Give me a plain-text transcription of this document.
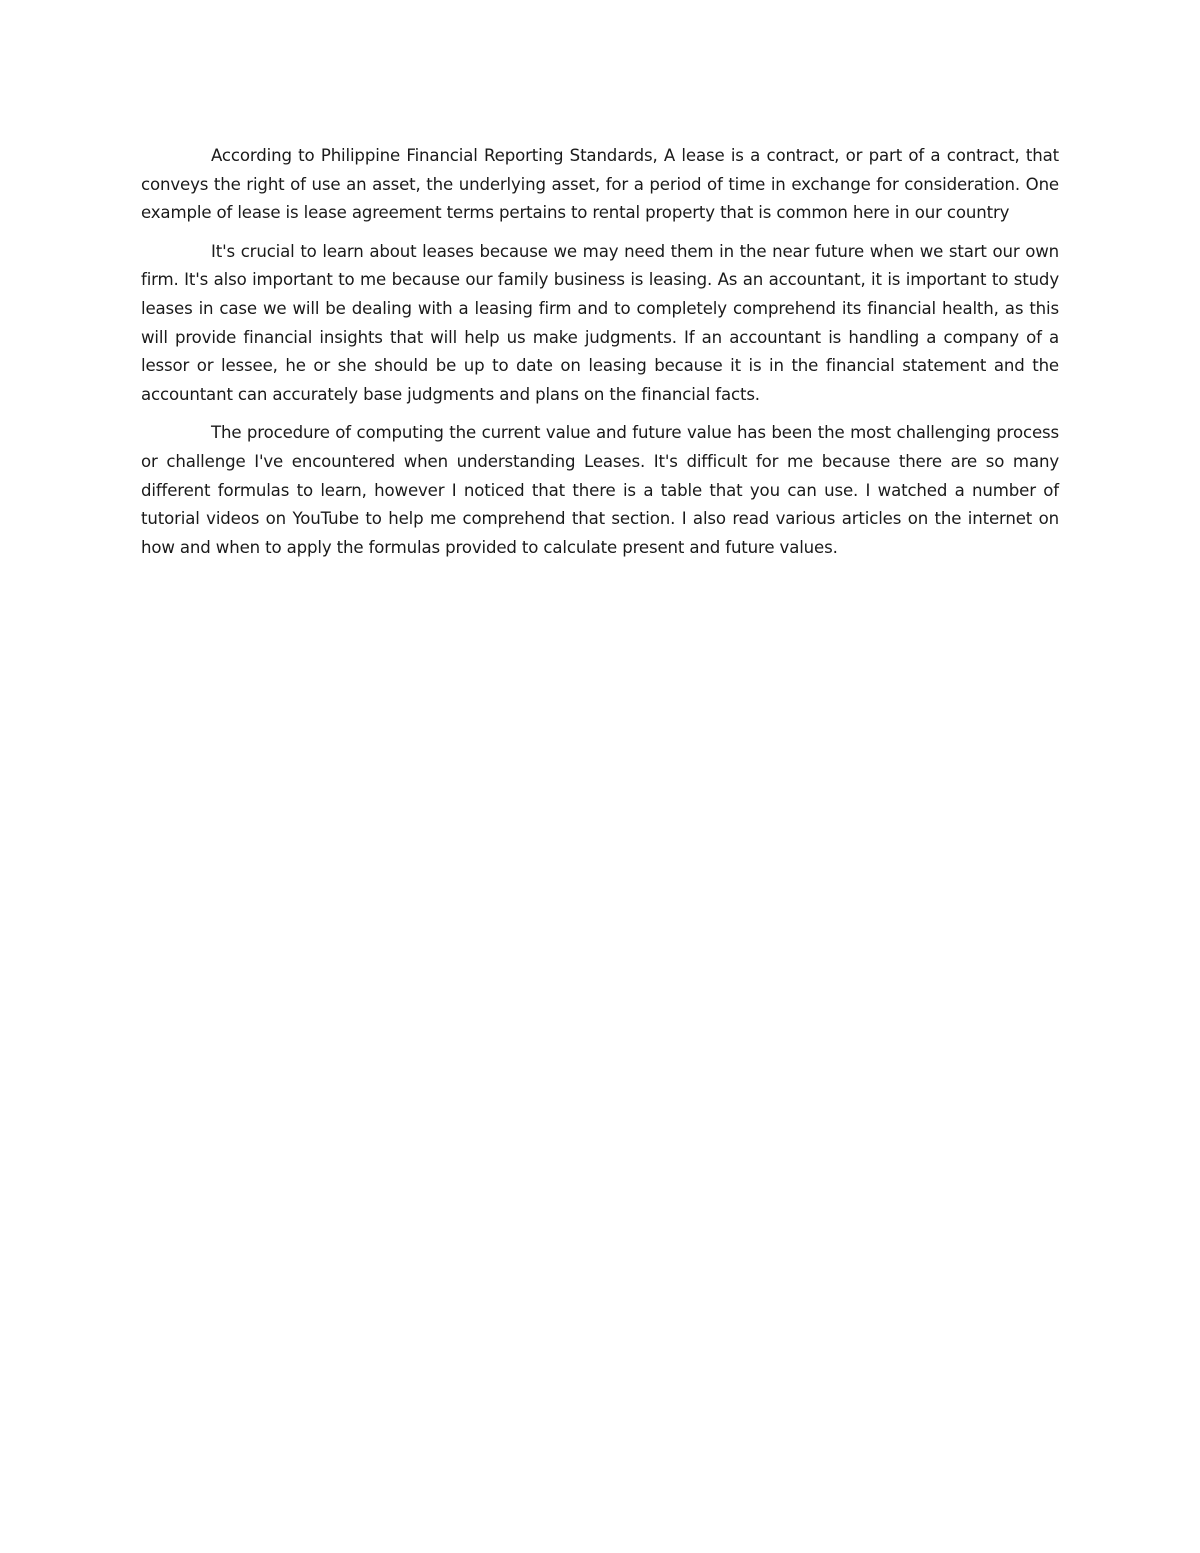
According to Philippine Financial Reporting Standards, A lease is a contract, or part of a contract, that conveys the right of use an asset, the underlying asset, for a period of time in exchange for consideration. One example of lease is lease agreement terms pertains to rental property that is common here in our country

It's crucial to learn about leases because we may need them in the near future when we start our own firm. It's also important to me because our family business is leasing. As an accountant, it is important to study leases in case we will be dealing with a leasing firm and to completely comprehend its financial health, as this will provide financial insights that will help us make judgments. If an accountant is handling a company of a lessor or lessee, he or she should be up to date on leasing because it is in the financial statement and the accountant can accurately base judgments and plans on the financial facts.

The procedure of computing the current value and future value has been the most challenging process or challenge I've encountered when understanding Leases. It's difficult for me because there are so many different formulas to learn, however I noticed that there is a table that you can use. I watched a number of tutorial videos on YouTube to help me comprehend that section. I also read various articles on the internet on how and when to apply the formulas provided to calculate present and future values.
